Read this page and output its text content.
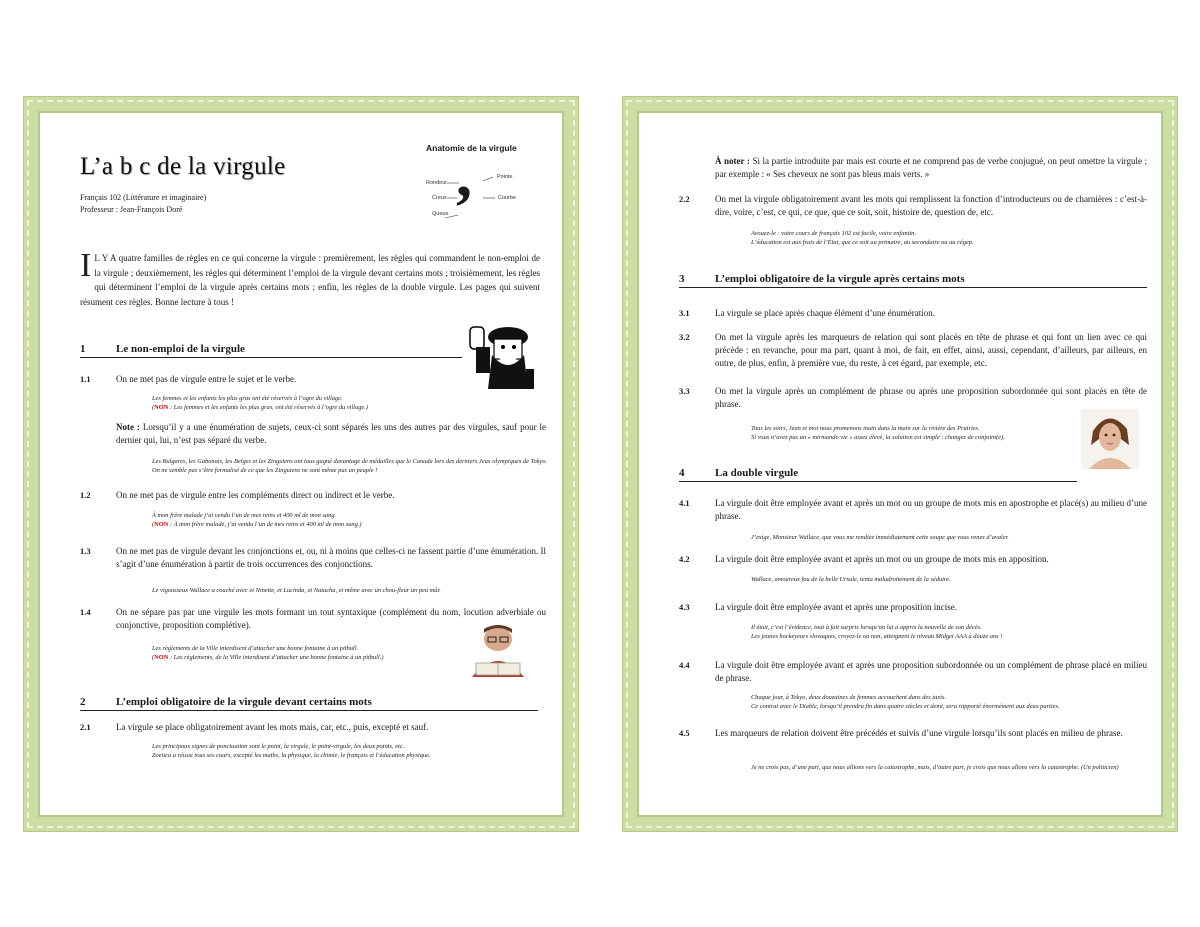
L’a b c de la virgule
Français 102 (Littérature et imaginaire)
Professeur : Jean-François Doré
Anatomie de la virgule
,
Rondeur
Creux
Queue
Pointe
Courbe
I L Y A quatre familles de règles en ce qui concerne la virgule : premièrement, les règles qui commandent le non-emploi de la virgule ; deuxièmement, les règles qui déterminent l’emploi de la virgule devant certains mots ; troisièmement, les règles qui déterminent l’emploi de la virgule après certains mots ; enfin, les règles de la double virgule. Les pages qui suivent résument ces règles. Bonne lecture à tous !
1	Le non-emploi de la virgule
1.1	On ne met pas de virgule entre le sujet et le verbe.
Les femmes et les enfants les plus gras ont été réservés à l’ogre du village.
(NON : Les femmes et les enfants les plus gras, ont été réservés à l’ogre du village.)
Note : Lorsqu’il y a une énumération de sujets, ceux-ci sont séparés les uns des autres par des virgules, sauf pour le dernier qui, lui, n’est pas séparé du verbe.
Les Bulgares, les Gabonais, les Belges et les Zinguiens ont tous gagné davantage de médailles que le Canada lors des derniers Jeux olympiques de Tokyo. On ne semble pas s’être formalisé de ce que les Zinguiens ne sont même pas un peuple !
1.2	On ne met pas de virgule entre les compléments direct ou indirect et le verbe.
À mon frère malade j’ai vendu l’un de mes reins et 400 ml de mon sang.
(NON : À mon frère malade, j’ai vendu l’un de mes reins et 400 ml de mon sang.)
1.3	On ne met pas de virgule devant les conjonctions et, ou, ni à moins que celles-ci ne fassent partie d’une énumération. Il s’agit d’une énumération à partir de trois occurrences des conjonctions.
Le vigousseux Wallace a couché avec et Ninette, et Lucinda, et Natacha, et même avec un chou-fleur un peu mûr.
1.4	On ne sépare pas par une virgule les mots formant un tout syntaxique (complément du nom, locution adverbiale ou conjonctive, proposition complétive).
Les règlements de la Ville interdisent d’attacher une bonne fontaine à un pitbull.
(NON : Les règlements, de la Ville interdisent d’attacher une bonne fontaine à un pitbull.)
2	L’emploi obligatoire de la virgule devant certains mots
2.1	La virgule se place obligatoirement avant les mots mais, car, etc., puis, excepté et sauf.
Les principaux signes de ponctuation sont le point, la virgule, le point-virgule, les deux points, etc.
Zoetica a réussi tous ses cours, excepté les maths, la physique, la chimie, le français et l’éducation physique.
À noter : Si la partie introduite par mais est courte et ne comprend pas de verbe conjugué, on peut omettre la virgule ; par exemple : « Ses cheveux ne sont pas bleus mais verts. »
2.2	On met la virgule obligatoirement avant les mots qui remplissent la fonction d’introducteurs ou de charnières : c’est-à-dire, voire, c’est, ce qui, ce que, que ce soit, soit, histoire de, question de, etc.
Avouez-le : votre cours de français 102 est facile, voire enfantin.
L’éducation est aux frais de l’État, que ce soit au primaire, au secondaire ou au cégep.
3	L’emploi obligatoire de la virgule après certains mots
3.1	La virgule se place après chaque élément d’une énumération.
3.2	On met la virgule après les marqueurs de relation qui sont placés en tête de phrase et qui font un lien avec ce qui précède : en revanche, pour ma part, quant à moi, de fait, en effet, ainsi, aussi, cependant, d’ailleurs, par ailleurs, en outre, de plus, enfin, à première vue, du reste, à cet égard, par exemple, etc.
3.3	On met la virgule après un complément de phrase ou après une proposition subordonnée qui sont placés en tête de phrase.
Tous les soirs, Jean et moi nous promenons main dans la main sur la rivière des Prairies.
Si vous n’avez pas un « mirmando vie » assez élevé, la solution est simple : changez de conjoint(e).
4	La double virgule
4.1	La virgule doit être employée avant et après un mot ou un groupe de mots mis en apostrophe et placé(s) au milieu d’une phrase.
J’exige, Monsieur Wallace, que vous me rendiez immédiatement cette soupe que vous venez d’avaler.
4.2	La virgule doit être employée avant et après un mot ou un groupe de mots mis en apposition.
Wallace, amoureux fou de la belle Ursule, tenta maladroitement de la séduire.
4.3	La virgule doit être employée avant et après une proposition incise.
Il était, c’est l’évidence, tout à fait surpris lorsqu’on lui a appris la nouvelle de son décès.
Les jeunes hockeyeurs slovaques, croyez-le ou non, atteignent le niveau Midget AAA à douze ans !
4.4	La virgule doit être employée avant et après une proposition subordonnée ou un complément de phrase placé en milieu de phrase.
Chaque jour, à Tokyo, deux douzaines de femmes accouchent dans des taxis.
Ce contrat avec le Diable, lorsqu’il prendra fin dans quatre siècles et demi, sera rapporté énormément aux deux parties.
4.5	Les marqueurs de relation doivent être précédés et suivis d’une virgule lorsqu’ils sont placés en milieu de phrase.
Je ne crois pas, d’une part, que nous allions vers la catastrophe, mais, d’autre part, je crois que nous allons vers la catastrophe. (Un politicien)
